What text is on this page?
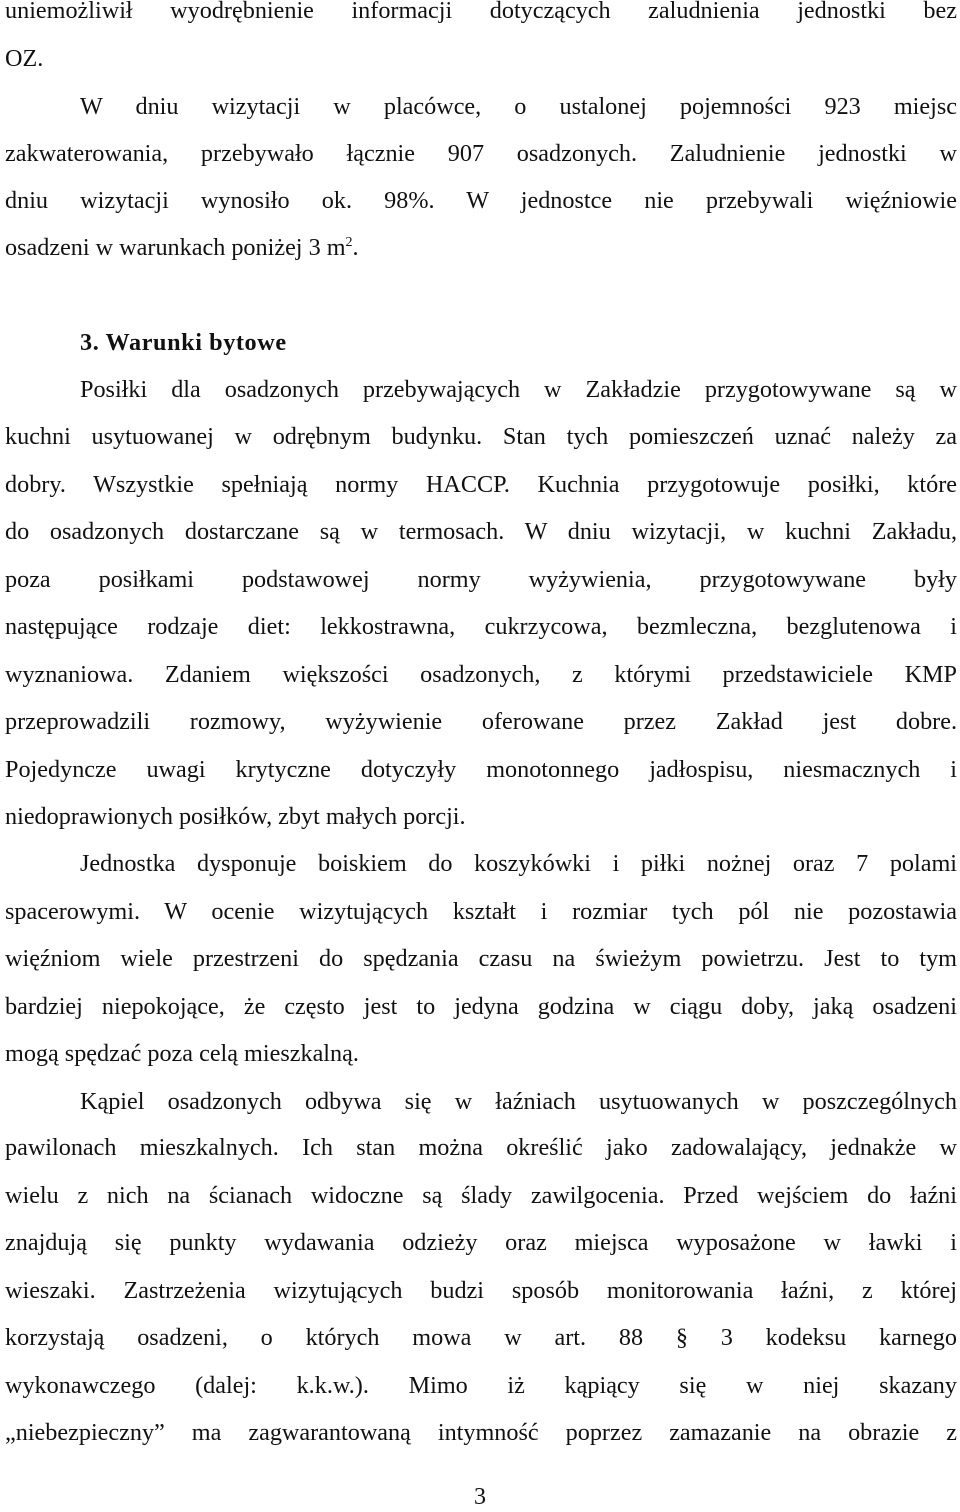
uniemożliwił wyodrębnienie informacji dotyczących zaludnienia jednostki bez
OZ.
W dniu wizytacji w placówce, o ustalonej pojemności 923 miejsc
zakwaterowania, przebywało łącznie 907 osadzonych. Zaludnienie jednostki w
dniu wizytacji wynosiło ok. 98%. W jednostce nie przebywali więźniowie
osadzeni w warunkach poniżej 3 $m^2$.
3. Warunki bytowe
Posiłki dla osadzonych przebywających w Zakładzie przygotowywane są w
kuchni usytuowanej w odrębnym budynku. Stan tych pomieszczeń uznać należy za
dobry. Wszystkie spełniają normy HACCP. Kuchnia przygotowuje posiłki, które
do osadzonych dostarczane są w termosach. W dniu wizytacji, w kuchni Zakładu,
poza posiłkami podstawowej normy wyżywienia, przygotowywane były
następujące rodzaje diet: lekkostrawna, cukrzycowa, bezmleczna, bezglutenowa i
wyznaniowa. Zdaniem większości osadzonych, z którymi przedstawiciele KMP
przeprowadzili rozmowy, wyżywienie oferowane przez Zakład jest dobre.
Pojedyncze uwagi krytyczne dotyczyły monotonnego jadłospisu, niesmacznych i
niedoprawionych posiłków, zbyt małych porcji.
Jednostka dysponuje boiskiem do koszykówki i piłki nożnej oraz 7 polami
spacerowymi. W ocenie wizytujących kształt i rozmiar tych pól nie pozostawia
więźniom wiele przestrzeni do spędzania czasu na świeżym powietrzu. Jest to tym
bardziej niepokojące, że często jest to jedyna godzina w ciągu doby, jaką osadzeni
mogą spędzać poza celą mieszkalną.
Kąpiel osadzonych odbywa się w łaźniach usytuowanych w poszczególnych
pawilonach mieszkalnych. Ich stan można określić jako zadowalający, jednakże w
wielu z nich na ścianach widoczne są ślady zawilgocenia. Przed wejściem do łaźni
znajdują się punkty wydawania odzieży oraz miejsca wyposażone w ławki i
wieszaki. Zastrzeżenia wizytujących budzi sposób monitorowania łaźni, z której
korzystają osadzeni, o których mowa w art. 88 § 3 kodeksu karnego
wykonawczego (dalej: k.k.w.). Mimo iż kąpiący się w niej skazany
„niebezpieczny” ma zagwarantowaną intymność poprzez zamazanie na obrazie z
3
